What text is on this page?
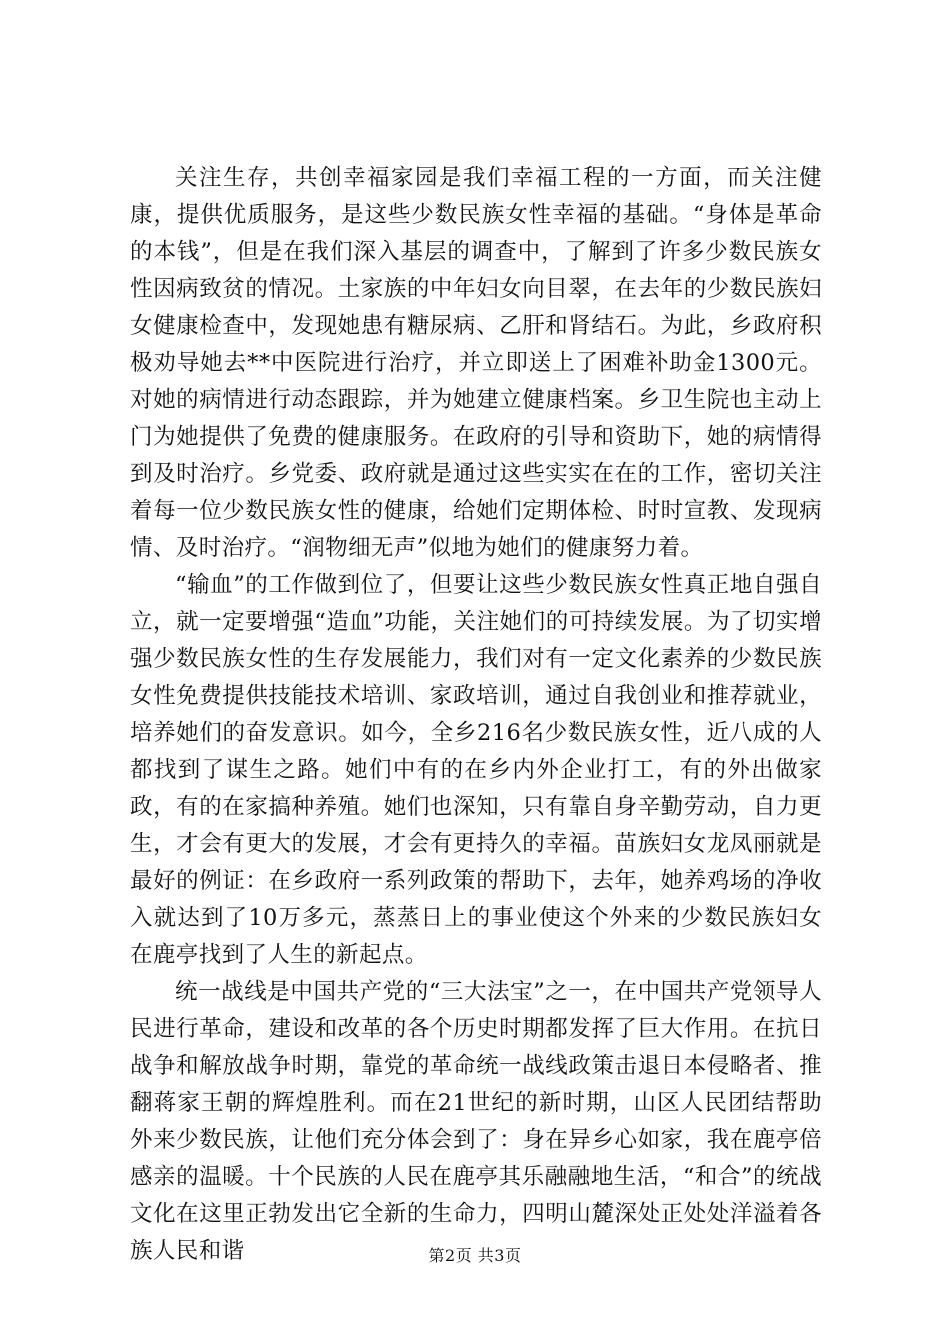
关注生存，共创幸福家园是我们幸福工程的一方面，而关注健康，提供优质服务，是这些少数民族女性幸福的基础。“身体是革命的本钱”，但是在我们深入基层的调查中，了解到了许多少数民族女性因病致贫的情况。土家族的中年妇女向目翠，在去年的少数民族妇女健康检查中，发现她患有糖尿病、乙肝和肾结石。为此，乡政府积极劝导她去**中医院进行治疗，并立即送上了困难补助金1300元。对她的病情进行动态跟踪，并为她建立健康档案。乡卫生院也主动上门为她提供了免费的健康服务。在政府的引导和资助下，她的病情得到及时治疗。乡党委、政府就是通过这些实实在在的工作，密切关注着每一位少数民族女性的健康，给她们定期体检、时时宣教、发现病情、及时治疗。“润物细无声”似地为她们的健康努力着。

“输血”的工作做到位了，但要让这些少数民族女性真正地自强自立，就一定要增强“造血”功能，关注她们的可持续发展。为了切实增强少数民族女性的生存发展能力，我们对有一定文化素养的少数民族女性免费提供技能技术培训、家政培训，通过自我创业和推荐就业，培养她们的奋发意识。如今，全乡216名少数民族女性，近八成的人都找到了谋生之路。她们中有的在乡内外企业打工，有的外出做家政，有的在家搞种养殖。她们也深知，只有靠自身辛勤劳动，自力更生，才会有更大的发展，才会有更持久的幸福。苗族妇女龙凤丽就是最好的例证：在乡政府一系列政策的帮助下，去年，她养鸡场的净收入就达到了10万多元，蒸蒸日上的事业使这个外来的少数民族妇女在鹿亭找到了人生的新起点。

统一战线是中国共产党的“三大法宝”之一，在中国共产党领导人民进行革命，建设和改革的各个历史时期都发挥了巨大作用。在抗日战争和解放战争时期，靠党的革命统一战线政策击退日本侵略者、推翻蒋家王朝的辉煌胜利。而在21世纪的新时期，山区人民团结帮助外来少数民族，让他们充分体会到了：身在异乡心如家，我在鹿亭倍感亲的温暖。十个民族的人民在鹿亭其乐融融地生活，“和合”的统战文化在这里正勃发出它全新的生命力，四明山麓深处正处处洋溢着各族人民和谐	第2页 共3页
